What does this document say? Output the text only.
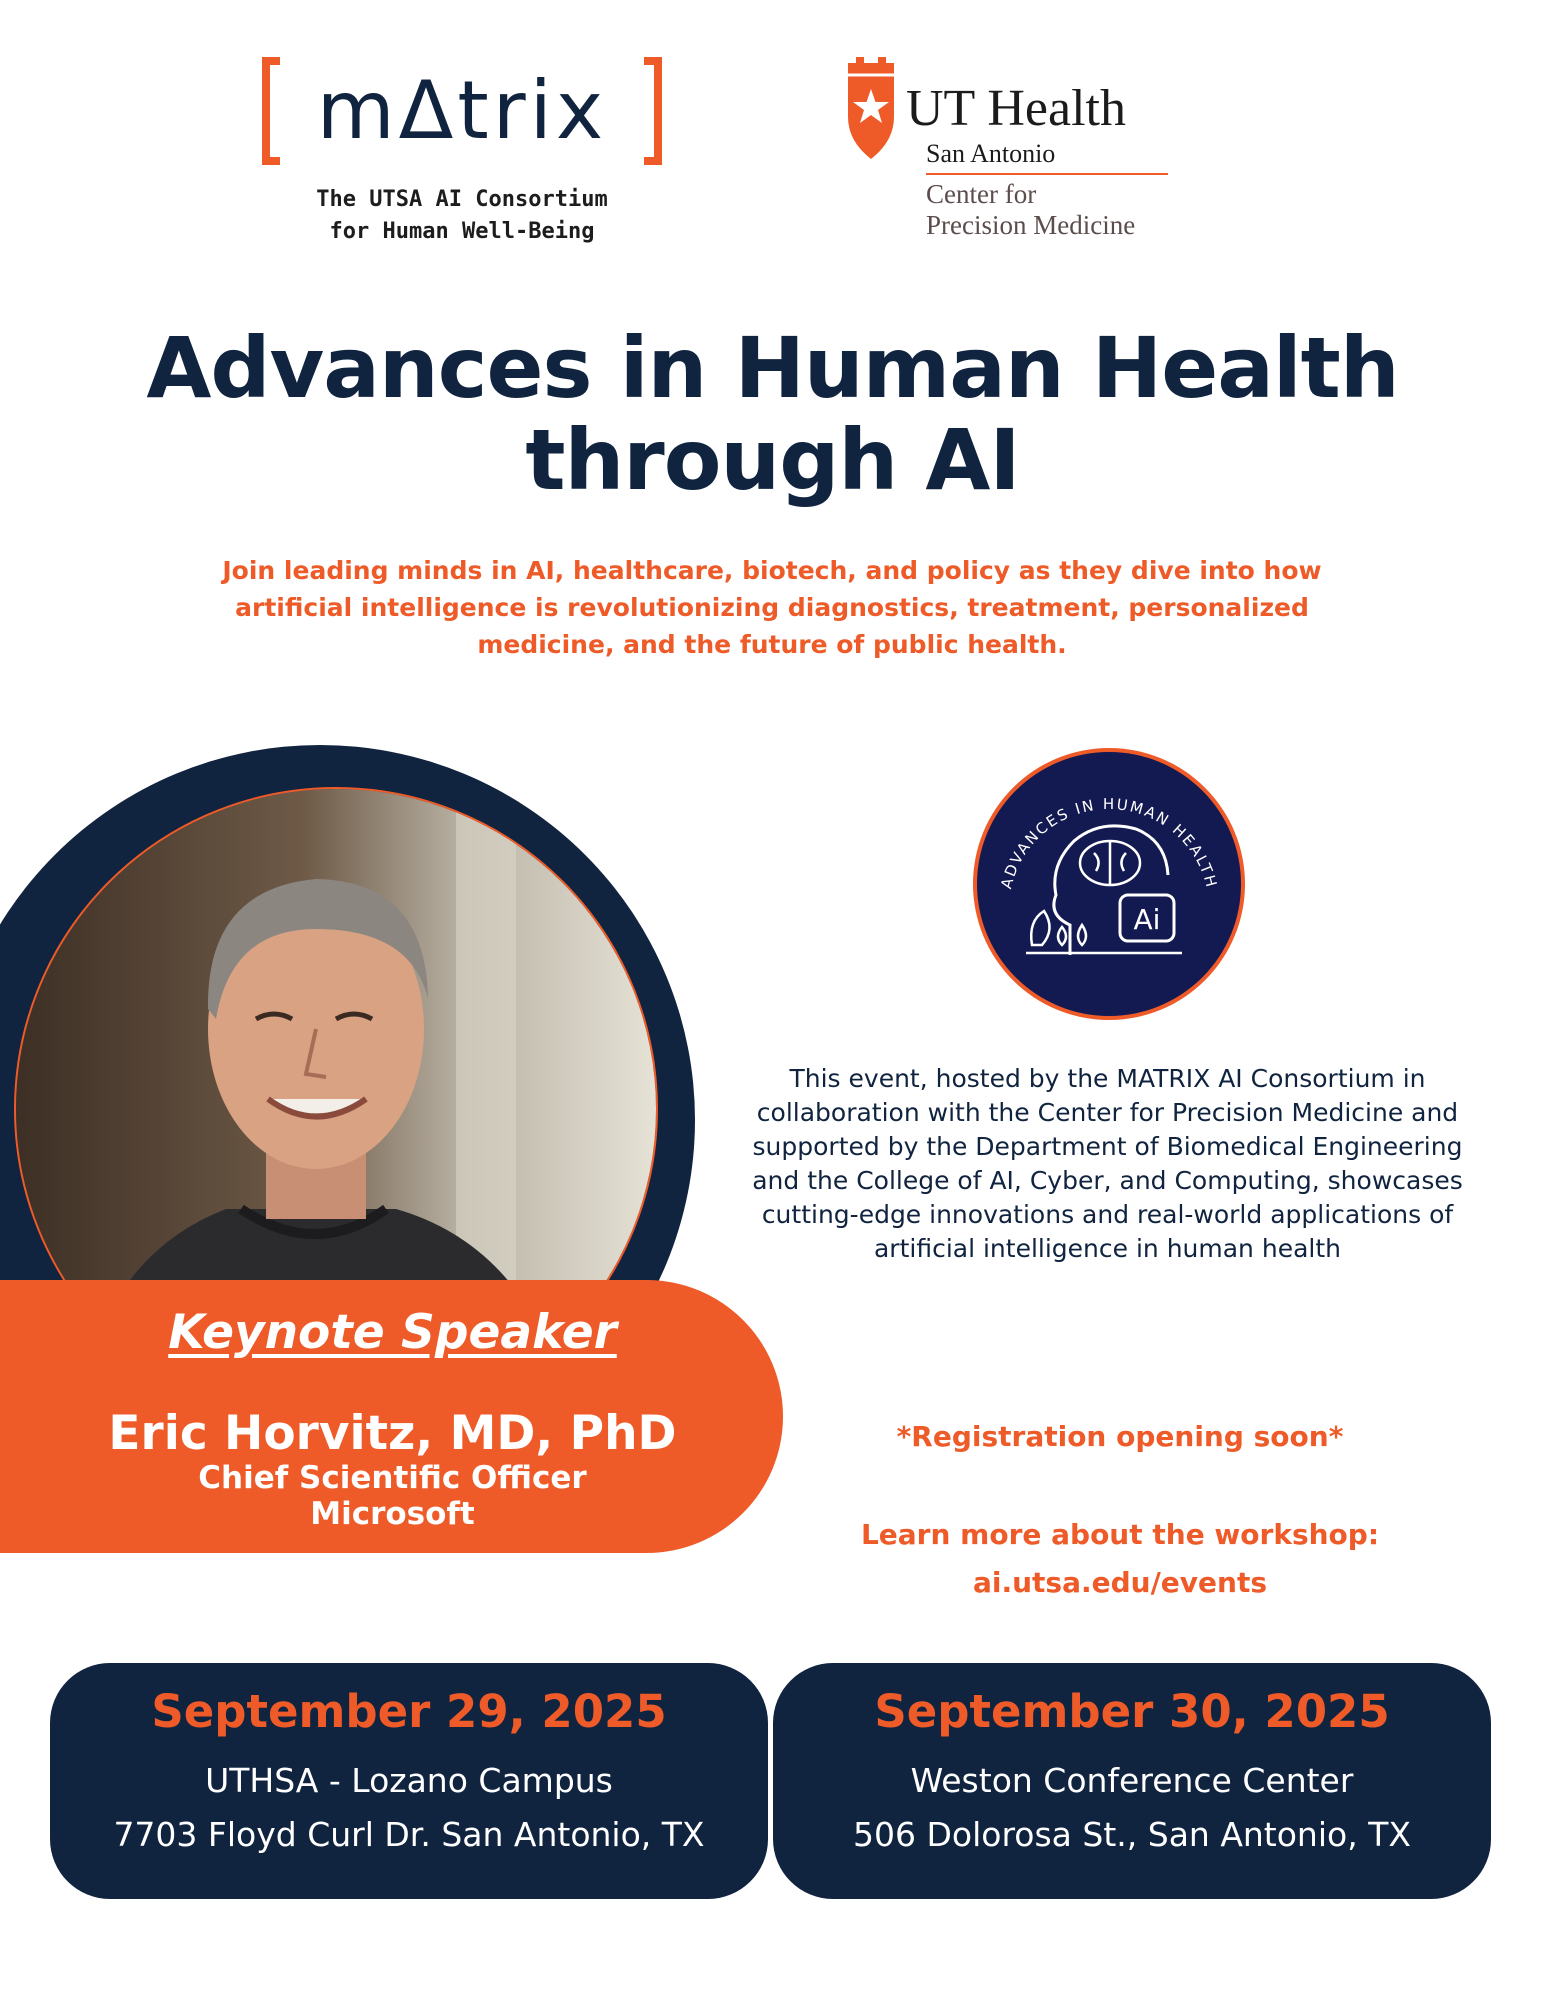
mΔtrix
The UTSA AI Consortium
for Human Well-Being
UT Health
San Antonio
Center for
Precision Medicine
Advances in Human Health
through AI

Join leading minds in AI, healthcare, biotech, and policy as they dive into how artificial intelligence is revolutionizing diagnostics, treatment, personalized medicine, and the future of public health.

Keynote Speaker
Eric Horvitz, MD, PhD
Chief Scientific Officer
Microsoft
ADVANCES IN HUMAN HEALTH
Ai

This event, hosted by the MATRIX AI Consortium in collaboration with the Center for Precision Medicine and supported by the Department of Biomedical Engineering and the College of AI, Cyber, and Computing, showcases cutting-edge innovations and real-world applications of artificial intelligence in human health

*Registration opening soon*
Learn more about the workshop:
ai.utsa.edu/events
September 29, 2025
UTHSA - Lozano Campus
7703 Floyd Curl Dr. San Antonio, TX
September 30, 2025
Weston Conference Center
506 Dolorosa St., San Antonio, TX
